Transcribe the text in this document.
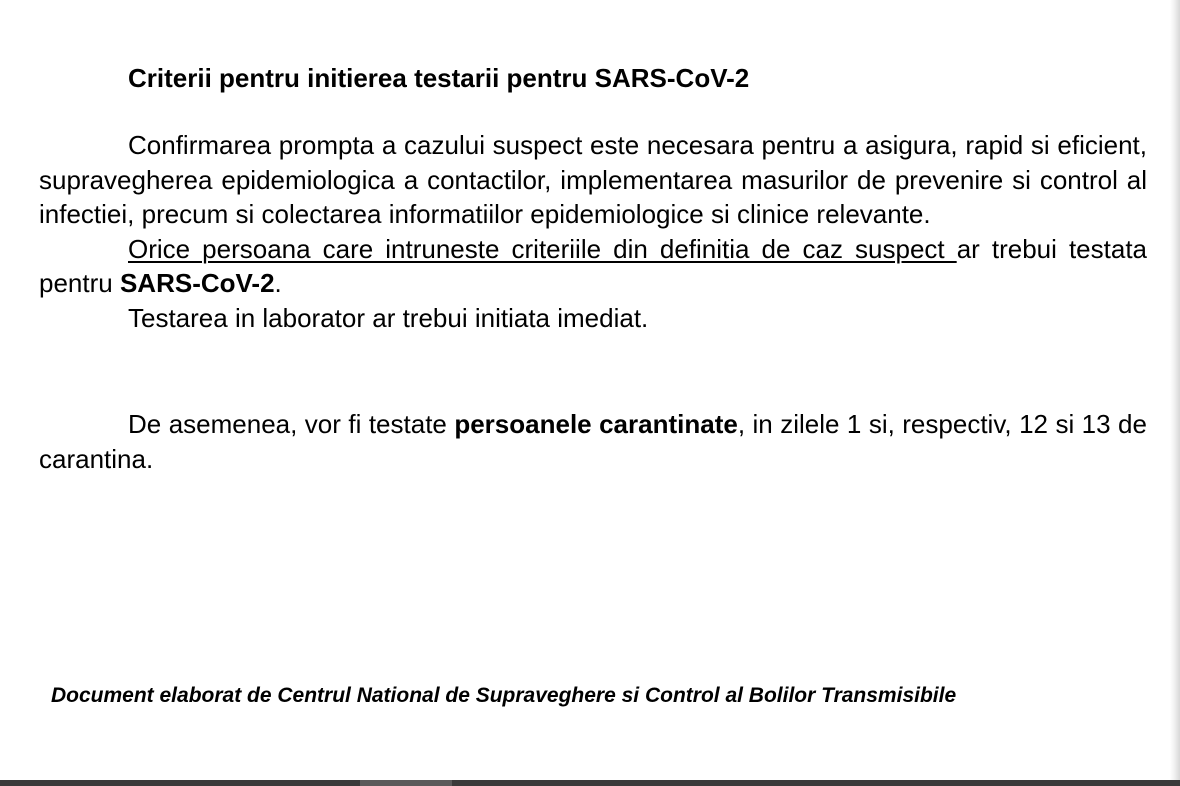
Criterii pentru initierea testarii pentru SARS-CoV-2

Confirmarea prompta a cazului suspect este necesara pentru a asigura, rapid si eficient, supravegherea epidemiologica a contactilor, implementarea masurilor de prevenire si control al infectiei, precum si colectarea informatiilor epidemiologice si clinice relevante.

Orice persoana care intruneste criteriile din definitia de caz suspect ar trebui testata pentru SARS-CoV-2.

Testarea in laborator ar trebui initiata imediat.

De asemenea, vor fi testate persoanele carantinate, in zilele 1 si, respectiv, 12 si 13 de carantina.

Document elaborat de Centrul National de Supraveghere si Control al Bolilor Transmisibile
